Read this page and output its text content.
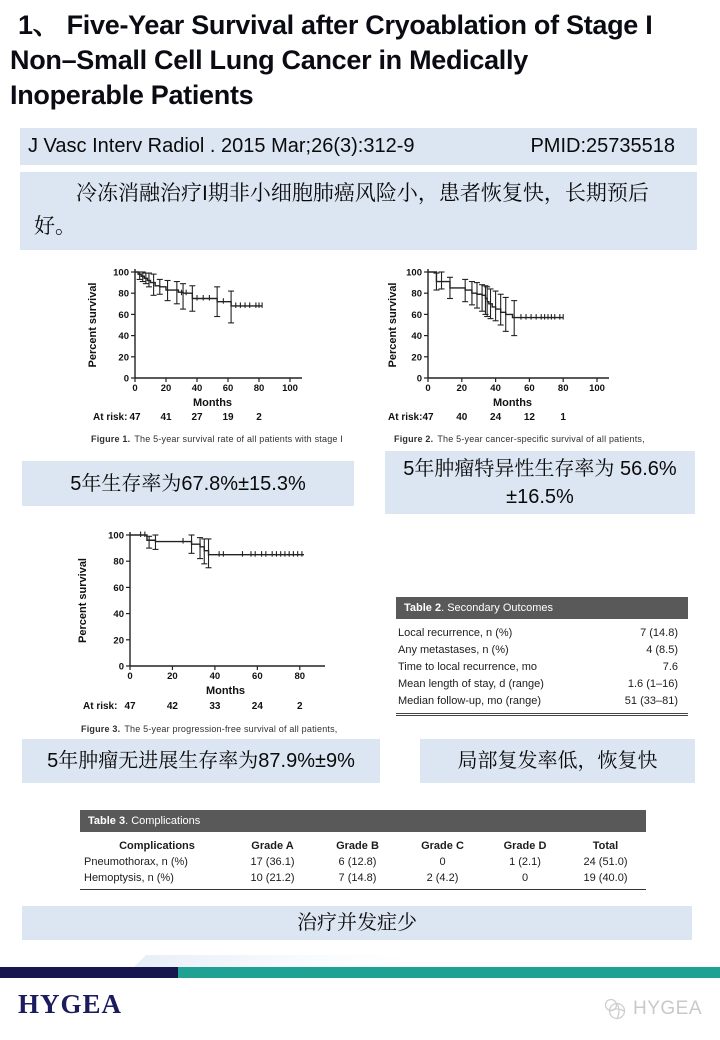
1、 Five-Year Survival after Cryoablation of Stage I
Non–Small Cell Lung Cancer in Medically
Inoperable Patients
J Vasc Interv Radiol . 2015 Mar;26(3):312-9	PMID:25735518

冷冻消融治疗I期非小细胞肺癌风险小，患者恢复快，长期预后好。

0 20 40 60 80 100
0
20
40
60
80
100
Months
Percent survival
At risk: 47 41 27 19 2
Figure 1. The 5-year survival rate of all patients with stage I
0	20 40 60 80 100
0
20
40
60
80
100
Months
Percent survival
At risk: 47 40 24 12	1
Figure 2. The 5-year cancer-specific survival of all patients,
5年生存率为67.8%±15.3%
5年肿瘤特异性生存率为 56.6%±16.5%
0	20	40	60	80
0
20
40
60
80
100
Months
Percent survival
At risk: 47	42	33	24	2
Figure 3. The 5-year progression-free survival of all patients,
Table 2. Secondary Outcomes
Local recurrence, n (%)	7 (14.8)
Any metastases, n (%)	4 (8.5)
Time to local recurrence, mo	7.6
Mean length of stay, d (range)	1.6 (1–16)
Median follow-up, mo (range)	51 (33–81)
5年肿瘤无进展生存率为87.9%±9%	局部复发率低，恢复快
Table 3. Complications
Complications	Grade A	Grade B	Grade C	Grade D	Total
Pneumothorax, n (%)	17 (36.1)	6 (12.8)	0	1 (2.1)	24 (51.0)
Hemoptysis, n (%)	10 (21.2)	7 (14.8)	2 (4.2)	0	19 (40.0)
治疗并发症少
HYGEA	HYGEA
